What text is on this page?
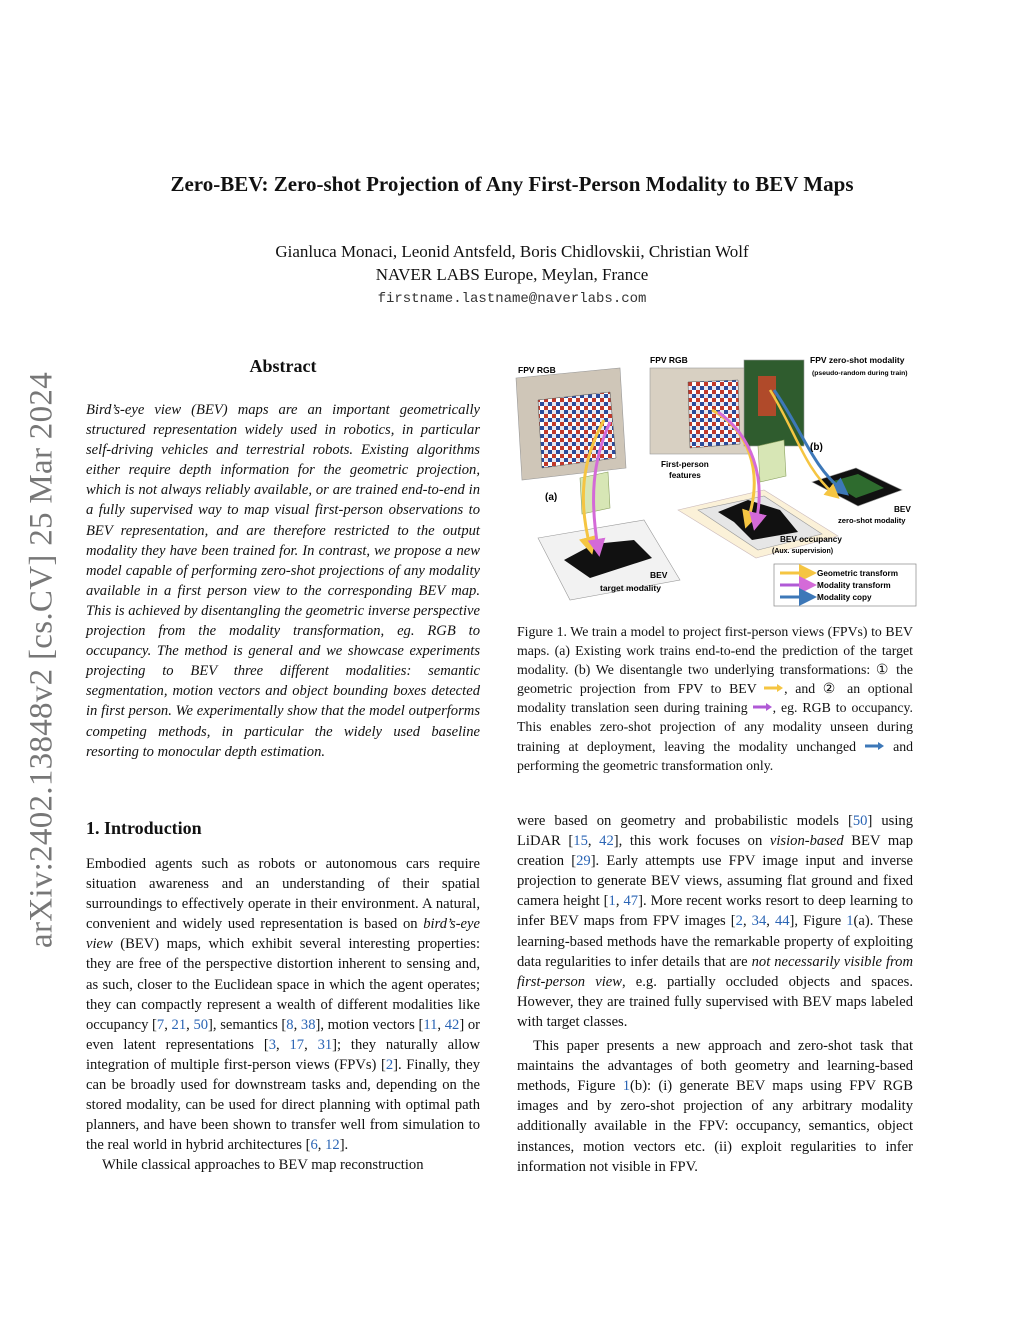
arXiv:2402.13848v2 [cs.CV] 25 Mar 2024
Zero-BEV: Zero-shot Projection of Any First-Person Modality to BEV Maps
Gianluca Monaci, Leonid Antsfeld, Boris Chidlovskii, Christian Wolf
NAVER LABS Europe, Meylan, France
firstname.lastname@naverlabs.com
Abstract
Bird’s-eye view (BEV) maps are an important geometrically structured representation widely used in robotics, in particular self-driving vehicles and terrestrial robots. Existing algorithms either require depth information for the geometric projection, which is not always reliably available, or are trained end-to-end in a fully supervised way to map visual first-person observations to BEV representation, and are therefore restricted to the output modality they have been trained for. In contrast, we propose a new model capable of performing zero-shot projections of any modality available in a first person view to the corresponding BEV map. This is achieved by disentangling the geometric inverse perspective projection from the modality transformation, eg. RGB to occupancy. The method is general and we showcase experiments projecting to BEV three different modalities: semantic segmentation, motion vectors and object bounding boxes detected in first person. We experimentally show that the model outperforms competing methods, in particular the widely used baseline resorting to monocular depth estimation.
FPV RGB
(a)
BEV
target modality
FPV RGB	FPV zero-shot modality
(pseudo-random during train)
(b)
First-person
features
BEV occupancy
(Aux. supervision)
BEV
zero-shot modality
Geometric transform
Modality transform
Modality copy
Figure 1. We train a model to project first-person views (FPVs) to BEV maps. (a) Existing work trains end-to-end the prediction of the target modality. (b) We disentangle two underlying transformations: ① the geometric projection from FPV to BEV , and ② an optional modality translation seen during training , eg. RGB to occupancy. This enables zero-shot projection of any modality unseen during training at deployment, leaving the modality unchanged  and performing the geometric transformation only.
1. Introduction

Embodied agents such as robots or autonomous cars require situation awareness and an understanding of their spatial surroundings to effectively operate in their environment. A natural, convenient and widely used representation is based on bird’s-eye view (BEV) maps, which exhibit several interesting properties: they are free of the perspective distortion inherent to sensing and, as such, closer to the Euclidean space in which the agent operates; they can compactly represent a wealth of different modalities like occupancy [7, 21, 50], semantics [8, 38], motion vectors [11, 42] or even latent representations [3, 17, 31]; they naturally allow integration of multiple first-person views (FPVs) [2]. Finally, they can be broadly used for downstream tasks and, depending on the stored modality, can be used for direct planning with optimal path planners, and have been shown to transfer well from simulation to the real world in hybrid architectures [6, 12].

While classical approaches to BEV map reconstruction

were based on geometry and probabilistic models [50] using LiDAR [15, 42], this work focuses on vision-based BEV map creation [29]. Early attempts use FPV image input and inverse projection to generate BEV views, assuming flat ground and fixed camera height [1, 47]. More recent works resort to deep learning to infer BEV maps from FPV images [2, 34, 44], Figure 1(a). These learning-based methods have the remarkable property of exploiting data regularities to infer details that are not necessarily visible from first-person view, e.g. partially occluded objects and spaces. However, they are trained fully supervised with BEV maps labeled with target classes.

This paper presents a new approach and zero-shot task that maintains the advantages of both geometry and learning-based methods, Figure 1(b): (i) generate BEV maps using FPV RGB images and by zero-shot projection of any arbitrary modality additionally available in the FPV: occupancy, semantics, object instances, motion vectors etc. (ii) exploit regularities to infer information not visible in FPV.
